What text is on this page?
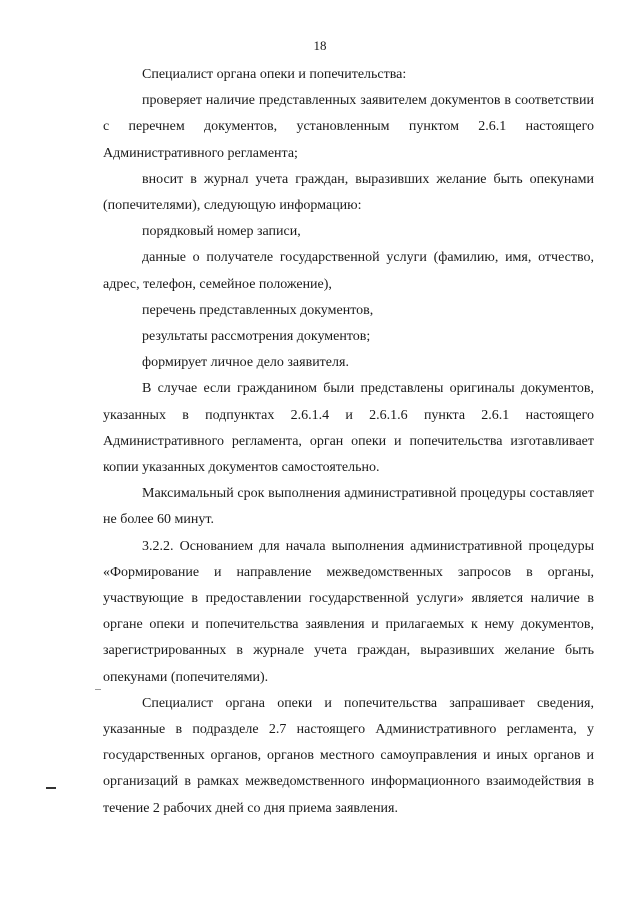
18

Специалист органа опеки и попечительства:

проверяет наличие представленных заявителем документов в соответствии с перечнем документов, установленным пунктом 2.6.1 настоящего Административного регламента;

вносит в журнал учета граждан, выразивших желание быть опекунами (попечителями), следующую информацию:

порядковый номер записи,

данные о получателе государственной услуги (фамилию, имя, отчество, адрес, телефон, семейное положение),

перечень представленных документов,

результаты рассмотрения документов;

формирует личное дело заявителя.

В случае если гражданином были представлены оригиналы документов, указанных в подпунктах 2.6.1.4 и 2.6.1.6 пункта 2.6.1 настоящего Административного регламента, орган опеки и попечительства изготавливает копии указанных документов самостоятельно.

Максимальный срок выполнения административной процедуры составляет не более 60 минут.

3.2.2. Основанием для начала выполнения административной процедуры «Формирование и направление межведомственных запросов в органы, участвующие в предоставлении государственной услуги» является наличие в органе опеки и попечительства заявления и прилагаемых к нему документов, зарегистрированных в журнале учета граждан, выразивших желание быть опекунами (попечителями).

Специалист органа опеки и попечительства запрашивает сведения, указанные в подразделе 2.7 настоящего Административного регламента, у государственных органов, органов местного самоуправления и иных органов и организаций в рамках межведомственного информационного взаимодействия в течение 2 рабочих дней со дня приема заявления.
